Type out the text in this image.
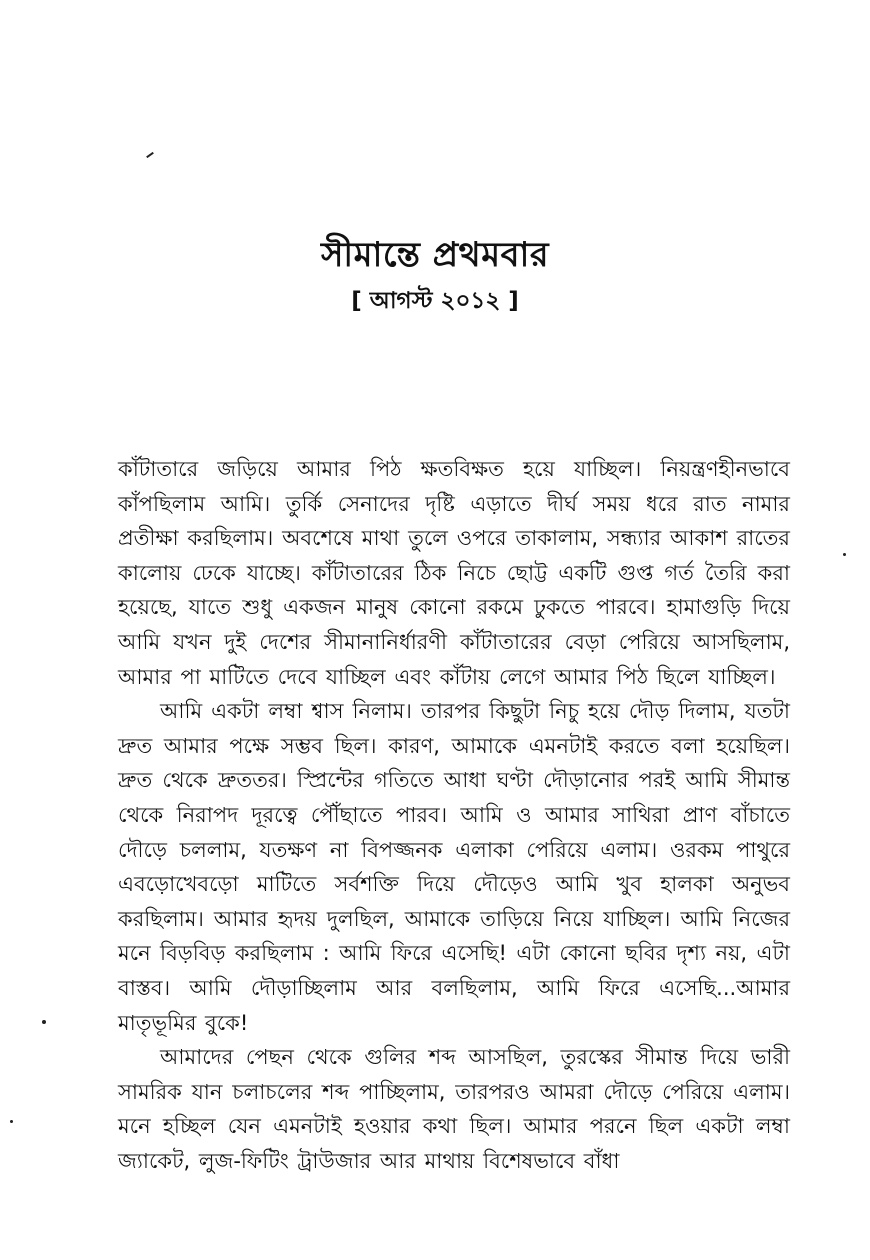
সীমান্তে প্রথমবার
[ আগস্ট ২০১২ ]

কাঁটাতারে জড়িয়ে আমার পিঠ ক্ষতবিক্ষত হয়ে যাচ্ছিল। নিয়ন্ত্রণহীনভাবে কাঁপছিলাম আমি। তুর্কি সেনাদের দৃষ্টি এড়াতে দীর্ঘ সময় ধরে রাত নামার প্রতীক্ষা করছিলাম। অবশেষে মাথা তুলে ওপরে তাকালাম, সন্ধ্যার আকাশ রাতের কালোয় ঢেকে যাচ্ছে। কাঁটাতারের ঠিক নিচে ছোট্ট একটি গুপ্ত গর্ত তৈরি করা হয়েছে, যাতে শুধু একজন মানুষ কোনো রকমে ঢুকতে পারবে। হামাগুড়ি দিয়ে আমি যখন দুই দেশের সীমানানির্ধারণী কাঁটাতারের বেড়া পেরিয়ে আসছিলাম, আমার পা মাটিতে দেবে যাচ্ছিল এবং কাঁটায় লেগে আমার পিঠ ছিলে যাচ্ছিল।

আমি একটা লম্বা শ্বাস নিলাম। তারপর কিছুটা নিচু হয়ে দৌড় দিলাম, যতটা দ্রুত আমার পক্ষে সম্ভব ছিল। কারণ, আমাকে এমনটাই করতে বলা হয়েছিল। দ্রুত থেকে দ্রুততর। স্প্রিন্টের গতিতে আধা ঘণ্টা দৌড়ানোর পরই আমি সীমান্ত থেকে নিরাপদ দূরত্বে পৌঁছাতে পারব। আমি ও আমার সাথিরা প্রাণ বাঁচাতে দৌড়ে চললাম, যতক্ষণ না বিপজ্জনক এলাকা পেরিয়ে এলাম। ওরকম পাথুরে এবড়োখেবড়ো মাটিতে সর্বশক্তি দিয়ে দৌড়েও আমি খুব হালকা অনুভব করছিলাম। আমার হৃদয় দুলছিল, আমাকে তাড়িয়ে নিয়ে যাচ্ছিল। আমি নিজের মনে বিড়বিড় করছিলাম : আমি ফিরে এসেছি! এটা কোনো ছবির দৃশ্য নয়, এটা বাস্তব। আমি দৌড়াচ্ছিলাম আর বলছিলাম, আমি ফিরে এসেছি...আমার মাতৃভূমির বুকে!

আমাদের পেছন থেকে গুলির শব্দ আসছিল, তুরস্কের সীমান্ত দিয়ে ভারী সামরিক যান চলাচলের শব্দ পাচ্ছিলাম, তারপরও আমরা দৌড়ে পেরিয়ে এলাম। মনে হচ্ছিল যেন এমনটাই হওয়ার কথা ছিল। আমার পরনে ছিল একটা লম্বা জ্যাকেট, লুজ-ফিটিং ট্রাউজার আর মাথায় বিশেষভাবে বাঁধা
